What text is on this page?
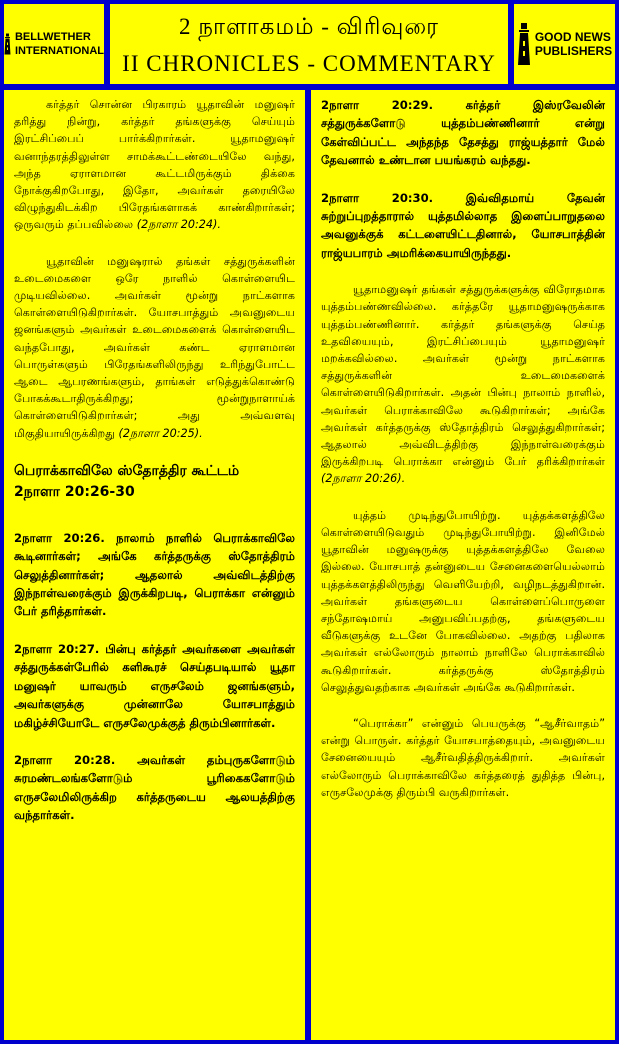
BELLWETHER
INTERNATIONAL
2 நாளாகமம் - விரிவுரை
II CHRONICLES - COMMENTARY
GOOD NEWS
PUBLISHERS

கர்த்தர் சொன்ன பிரகாரம் யூதாவின் மனுஷர் தரித்து நின்று, கர்த்தர் தங்களுக்கு செய்யும் இரட்சிப்பைப் பார்க்கிறார்கள். யூதாமனுஷர் வனாந்தரத்திலுள்ள சாமக்கூட்டண்டையிலே வந்து, அந்த ஏராளமான கூட்டமிருக்கும் திக்கை நோக்குகிறபோது, இதோ, அவர்கள் தரையிலே விழுந்துகிடக்கிற பிரேதங்களாகக் காண்கிறார்கள்; ஒருவரும் தப்பவில்லை (2நாளா 20:24).

யூதாவின் மனுஷரால் தங்கள் சத்துருக்களின் உடைமைகளை ஒரே நாளில் கொள்ளையிட முடியவில்லை. அவர்கள் மூன்று நாட்களாக கொள்ளையிடுகிறார்கள். யோசபாத்தும் அவனுடைய ஜனங்களும் அவர்கள் உடைமைகளைக் கொள்ளையிட வந்தபோது, அவர்கள் கண்ட ஏராளமான பொருள்களும் பிரேதங்களிலிருந்து உரிந்துபோட்ட ஆடை ஆபரணங்களும், தாங்கள் எடுத்துக்கொண்டு போகக்கூடாதிருக்கிறது; மூன்றுநாளாய்க் கொள்ளையிடுகிறார்கள்; அது அவ்வளவு மிகுதியாயிருக்கிறது (2நாளா 20:25).

பெராக்காவிலே ஸ்தோத்திர கூட்டம்
2நாளா 20:26-30

2நாளா 20:26. நாலாம் நாளில் பெராக்காவிலே கூடினார்கள்; அங்கே கர்த்தருக்கு ஸ்தோத்திரம் செலுத்தினார்கள்; ஆதலால் அவ்விடத்திற்கு இந்நாள்வரைக்கும் இருக்கிறபடி, பெராக்கா என்னும் பேர் தரித்தார்கள்.

2நாளா 20:27. பின்பு கர்த்தர் அவர்களை அவர்கள் சத்துருக்கள்பேரில் களிகூரச் செய்தபடியால் யூதா மனுஷர் யாவரும் எருசலேம் ஜனங்களும், அவர்களுக்கு முன்னாலே யோசபாத்தும் மகிழ்ச்சியோடே எருசலேமுக்குத் திரும்பினார்கள்.

2நாளா 20:28. அவர்கள் தம்புருகளோடும் சுரமண்டலங்களோடும் பூரிகைகளோடும் எருசலேமிலிருக்கிற கர்த்தருடைய ஆலயத்திற்கு வந்தார்கள்.

2நாளா 20:29. கர்த்தர் இஸ்ரவேலின் சத்துருக்களோடு யுத்தம்பண்ணினார் என்று கேள்விப்பட்ட அந்தந்த தேசத்து ராஜ்யத்தார் மேல் தேவனால் உண்டான பயங்கரம் வந்தது.

2நாளா 20:30. இவ்விதமாய் தேவன் சுற்றுப்புறத்தாரால் யுத்தமில்லாத இளைப்பாறுதலை அவனுக்குக் கட்டளையிட்டதினால், யோசபாத்தின் ராஜ்யபாரம் அமரிக்கையாயிருந்தது.

யூதாமனுஷர் தங்கள் சத்துருக்களுக்கு விரோதமாக யுத்தம்பண்ணவில்லை. கர்த்தரே யூதாமனுஷருக்காக யுத்தம்பண்ணினார். கர்த்தர் தங்களுக்கு செய்த உதவியையும், இரட்சிப்பையும் யூதாமனுஷர் மறக்கவில்லை. அவர்கள் மூன்று நாட்களாக சத்துருக்களின் உடைமைகளைக் கொள்ளையிடுகிறார்கள். அதன் பின்பு நாலாம் நாளில், அவர்கள் பெராக்காவிலே கூடுகிறார்கள்; அங்கே அவர்கள் கர்த்தருக்கு ஸ்தோத்திரம் செலுத்துகிறார்கள்; ஆதலால் அவ்விடத்திற்கு இந்நாள்வரைக்கும் இருக்கிறபடி பெராக்கா என்னும் பேர் தரிக்கிறார்கள் (2நாளா 20:26).

யுத்தம் முடிந்துபோயிற்று. யுத்தக்களத்திலே கொள்ளையிடுவதும் முடிந்துபோயிற்று. இனிமேல் யூதாவின் மனுஷருக்கு யுத்தக்களத்திலே வேலை இல்லை. யோசபாத் தன்னுடைய சேனைகளையெல்லாம் யுத்தக்களத்திலிருந்து வெளியேற்றி, வழிநடத்துகிறான். அவர்கள் தங்களுடைய கொள்ளைப்பொருளை சந்தோஷமாய் அனுபவிப்பதற்கு, தங்களுடைய வீடுகளுக்கு உடனே போகவில்லை. அதற்கு பதிலாக அவர்கள் எல்லோரும் நாலாம் நாளிலே பெராக்காவில் கூடுகிறார்கள். கர்த்தருக்கு ஸ்தோத்திரம் செலுத்துவதற்காக அவர்கள் அங்கே கூடுகிறார்கள்.

“பெராக்கா” என்னும் பெயருக்கு “ஆசீர்வாதம்” என்று பொருள். கர்த்தர் யோசபாத்தையும், அவனுடைய சேனையையும் ஆசீர்வதித்திருக்கிறார். அவர்கள் எல்லோரும் பெராக்காவிலே கர்த்தரைத் துதித்த பின்பு, எருசலேமுக்கு திரும்பி வருகிறார்கள்.
